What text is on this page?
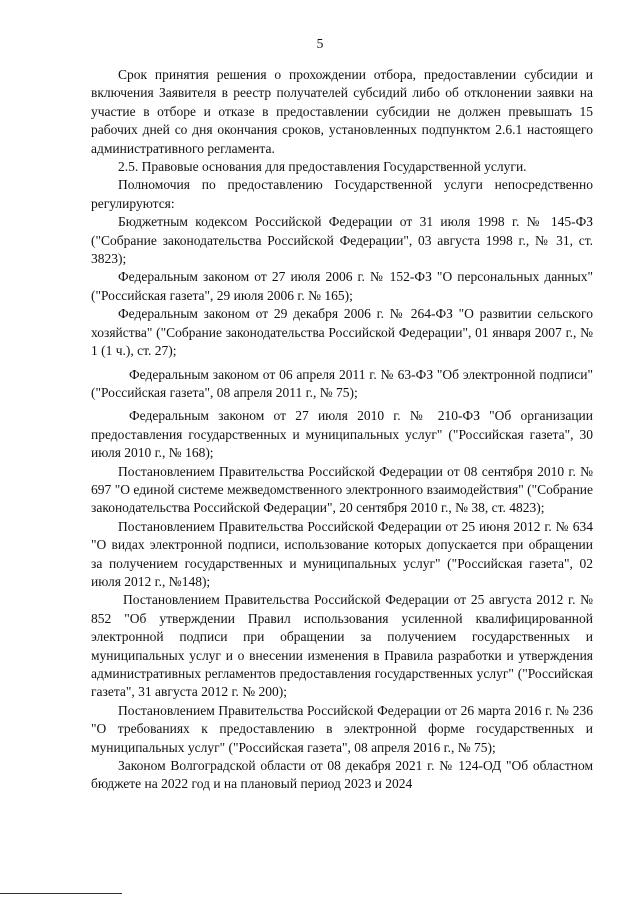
5

Срок принятия решения о прохождении отбора, предоставлении субсидии и включения Заявителя в реестр получателей субсидий либо об отклонении заявки на участие в отборе и отказе в предоставлении субсидии не должен превышать 15 рабочих дней со дня окончания сроков, установленных подпунктом 2.6.1 настоящего административного регламента.

2.5. Правовые основания для предоставления Государственной услуги.

Полномочия по предоставлению Государственной услуги непосредственно регулируются:

Бюджетным кодексом Российской Федерации от 31 июля 1998 г. № 145-ФЗ ("Собрание законодательства Российской Федерации", 03 августа 1998 г., № 31, ст. 3823);

Федеральным законом от 27 июля 2006 г. № 152-ФЗ "О персональных данных" ("Российская газета", 29 июля 2006 г. № 165);

Федеральным законом от 29 декабря 2006 г. № 264-ФЗ "О развитии сельского хозяйства" ("Собрание законодательства Российской Федерации", 01 января 2007 г., № 1 (1 ч.), ст. 27);

Федеральным законом от 06 апреля 2011 г. № 63-ФЗ "Об электронной подписи" ("Российская газета", 08 апреля 2011 г., № 75);

Федеральным законом от 27 июля 2010 г. № 210-ФЗ "Об организации предоставления государственных и муниципальных услуг" ("Российская газета", 30 июля 2010 г., № 168);

Постановлением Правительства Российской Федерации от 08 сентября 2010 г. № 697 "О единой системе межведомственного электронного взаимодействия" ("Собрание законодательства Российской Федерации", 20 сентября 2010 г., № 38, ст. 4823);

Постановлением Правительства Российской Федерации от 25 июня 2012 г. № 634 "О видах электронной подписи, использование которых допускается при обращении за получением государственных и муниципальных услуг" ("Российская газета", 02 июля 2012 г., №148);

Постановлением Правительства Российской Федерации от 25 августа 2012 г. № 852 "Об утверждении Правил использования усиленной квалифицированной электронной подписи при обращении за получением государственных и муниципальных услуг и о внесении изменения в Правила разработки и утверждения административных регламентов предоставления государственных услуг" ("Российская газета", 31 августа 2012 г. № 200);

Постановлением Правительства Российской Федерации от 26 марта 2016 г. № 236 "О требованиях к предоставлению в электронной форме государственных и муниципальных услуг" ("Российская газета", 08 апреля 2016 г., № 75);

Законом Волгоградской области от 08 декабря 2021 г. № 124-ОД "Об областном бюджете на 2022 год и на плановый период 2023 и 2024
